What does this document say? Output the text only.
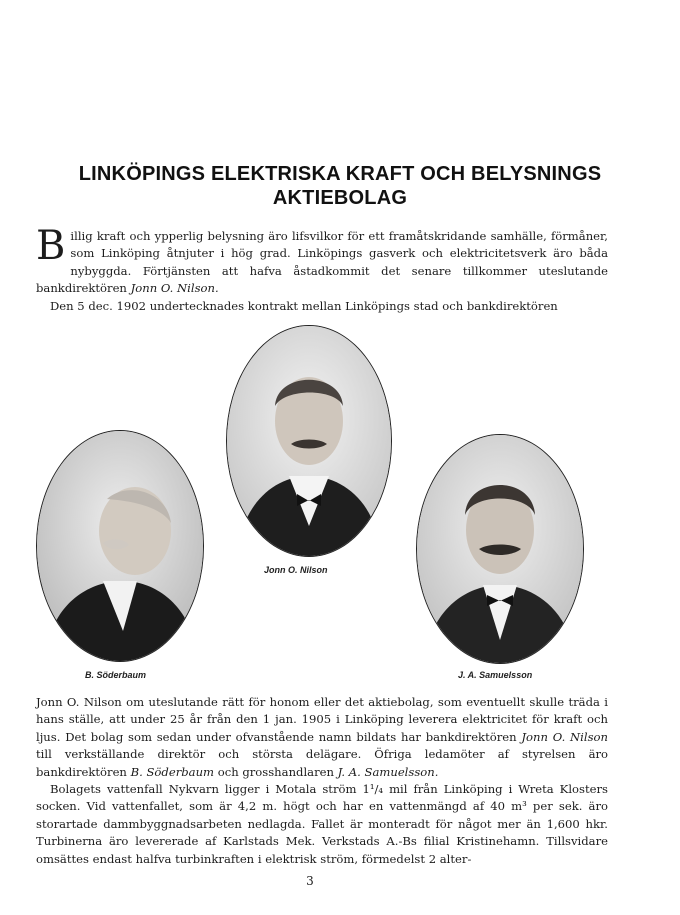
LINKÖPINGS ELEKTRISKA KRAFT OCH BELYSNINGS
AKTIEBOLAG
Billig kraft och ypperlig belysning äro lifsvilkor för ett framåtskridande samhälle, förmåner, som Linköping åtnjuter i hög grad. Linköpings gasverk och elektricitetsverk äro båda nybyggda. Förtjänsten att hafva åstadkommit det senare tillkommer uteslutande bankdirektören Jonn O. Nilson.
Den 5 dec. 1902 undertecknades kontrakt mellan Linköpings stad och bankdirektören

Jonn O. Nilson

B. Söderbaum	J. A. Samuelsson

Jonn O. Nilson om uteslutande rätt för honom eller det aktiebolag, som eventuellt skulle träda i hans ställe, att under 25 år från den 1 jan. 1905 i Linköping leverera elektricitet för kraft och ljus. Det bolag som sedan under ofvanstående namn bildats har bankdirektören Jonn O. Nilson till verkställande direktör och största delägare. Öfriga ledamöter af styrelsen äro bankdirektören B. Söderbaum och grosshandlaren J. A. Samuelsson.
Bolagets vattenfall Nykvarn ligger i Motala ström 1¹/₄ mil från Linköping i Wreta Klosters socken. Vid vattenfallet, som är 4,2 m. högt och har en vattenmängd af 40 m³ per sek. äro storartade dammbyggnadsarbeten nedlagda. Fallet är monteradt för något mer än 1,600 hkr. Turbinerna äro levererade af Karlstads Mek. Verkstads A.-Bs filial Kristinehamn. Tillsvidare omsättes endast halfva turbinkraften i elektrisk ström, förmedelst 2 alter-

3
